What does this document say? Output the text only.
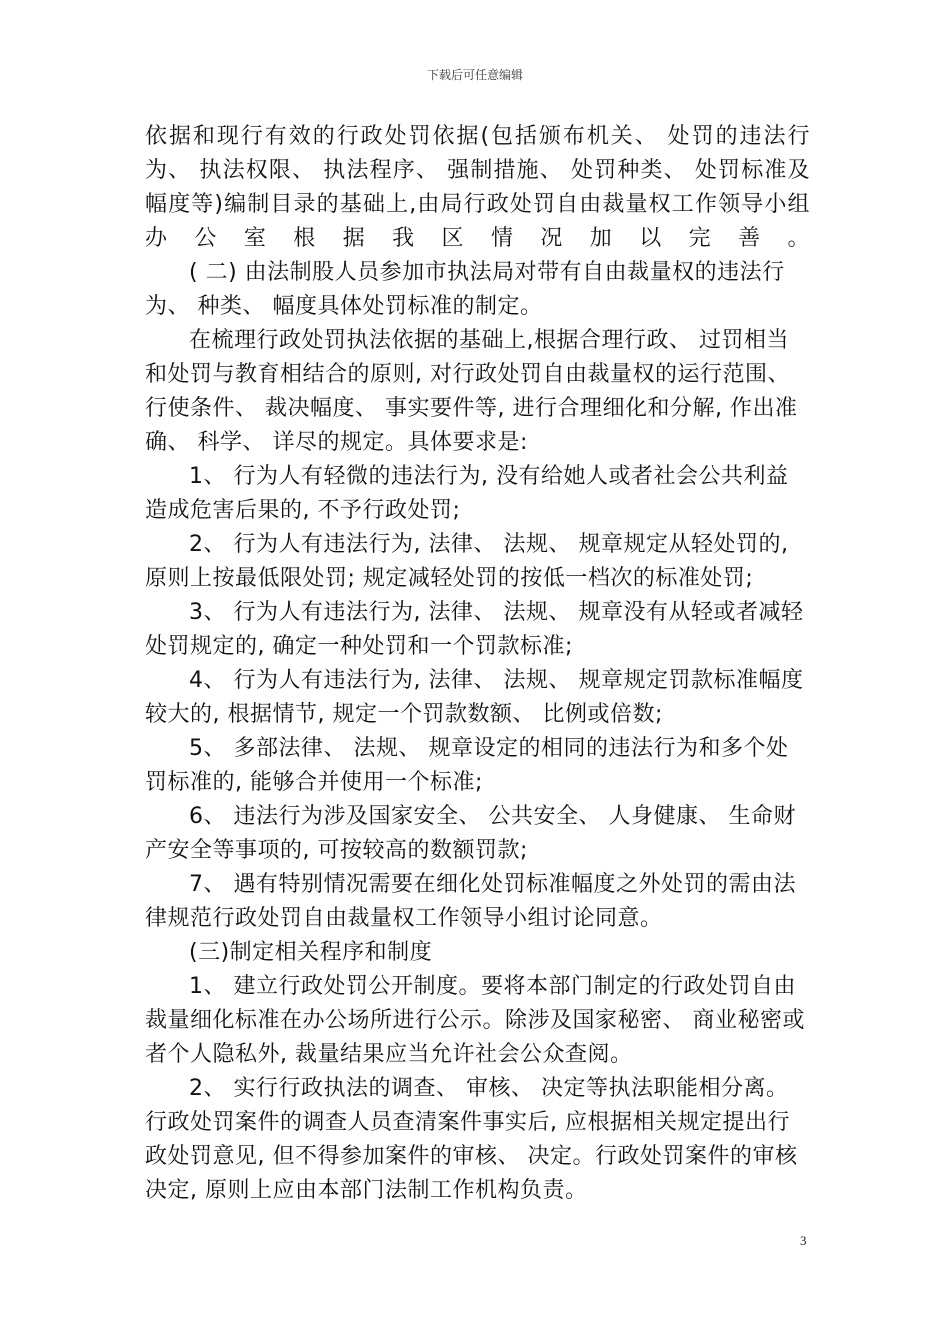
下载后可任意编辑

依据和现行有效的行政处罚依据(包括颁布机关、 处罚的违法行为、 执法权限、 执法程序、 强制措施、 处罚种类、 处罚标准及幅度等)编制目录的基础上,由局行政处罚自由裁量权工作领导小组办公室根据我区情况加以完善。

( 二) 由法制股人员参加市执法局对带有自由裁量权的违法行为、 种类、 幅度具体处罚标准的制定。

在梳理行政处罚执法依据的基础上,根据合理行政、 过罚相当和处罚与教育相结合的原则, 对行政处罚自由裁量权的运行范围、 行使条件、 裁决幅度、 事实要件等, 进行合理细化和分解, 作出准确、 科学、 详尽的规定。具体要求是:

1、 行为人有轻微的违法行为, 没有给她人或者社会公共利益造成危害后果的, 不予行政处罚;

2、 行为人有违法行为, 法律、 法规、 规章规定从轻处罚的, 原则上按最低限处罚; 规定减轻处罚的按低一档次的标准处罚;

3、 行为人有违法行为, 法律、 法规、 规章没有从轻或者减轻处罚规定的, 确定一种处罚和一个罚款标准;

4、 行为人有违法行为, 法律、 法规、 规章规定罚款标准幅度较大的, 根据情节, 规定一个罚款数额、 比例或倍数;

5、 多部法律、 法规、 规章设定的相同的违法行为和多个处罚标准的, 能够合并使用一个标准;

6、 违法行为涉及国家安全、 公共安全、 人身健康、 生命财产安全等事项的, 可按较高的数额罚款;

7、 遇有特别情况需要在细化处罚标准幅度之外处罚的需由法律规范行政处罚自由裁量权工作领导小组讨论同意。

(三)制定相关程序和制度

1、 建立行政处罚公开制度。要将本部门制定的行政处罚自由裁量细化标准在办公场所进行公示。除涉及国家秘密、 商业秘密或者个人隐私外, 裁量结果应当允许社会公众查阅。

2、 实行行政执法的调查、 审核、 决定等执法职能相分离。行政处罚案件的调查人员查清案件事实后, 应根据相关规定提出行政处罚意见, 但不得参加案件的审核、 决定。行政处罚案件的审核决定, 原则上应由本部门法制工作机构负责。

3
